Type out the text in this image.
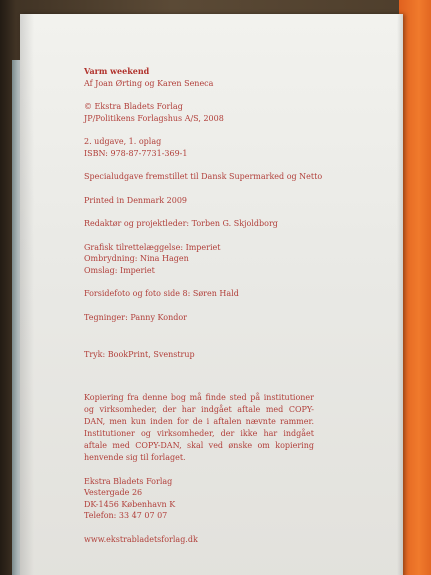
Varm weekend
Af Joan Ørting og Karen Seneca
© Ekstra Bladets Forlag
JP/Politikens Forlagshus A/S, 2008
2. udgave, 1. oplag
ISBN: 978-87-7731-369-1
Specialudgave fremstillet til Dansk Supermarked og Netto
Printed in Denmark 2009
Redaktør og projektleder: Torben G. Skjoldborg
Grafisk tilrettelæggelse: Imperiet
Ombrydning: Nina Hagen
Omslag: Imperiet
Forsidefoto og foto side 8: Søren Hald
Tegninger: Panny Kondor
Tryk: BookPrint, Svenstrup
Kopiering fra denne bog må finde sted på institutioner og virksomheder, der har indgået aftale med COPY-DAN, men kun inden for de i aftalen nævnte rammer. Institutioner og virksomheder, der ikke har indgået aftale med COPY-DAN, skal ved ønske om kopiering henvende sig til forlaget.
Ekstra Bladets Forlag
Vestergade 26
DK-1456 København K
Telefon: 33 47 07 07
www.ekstrabladetsforlag.dk
